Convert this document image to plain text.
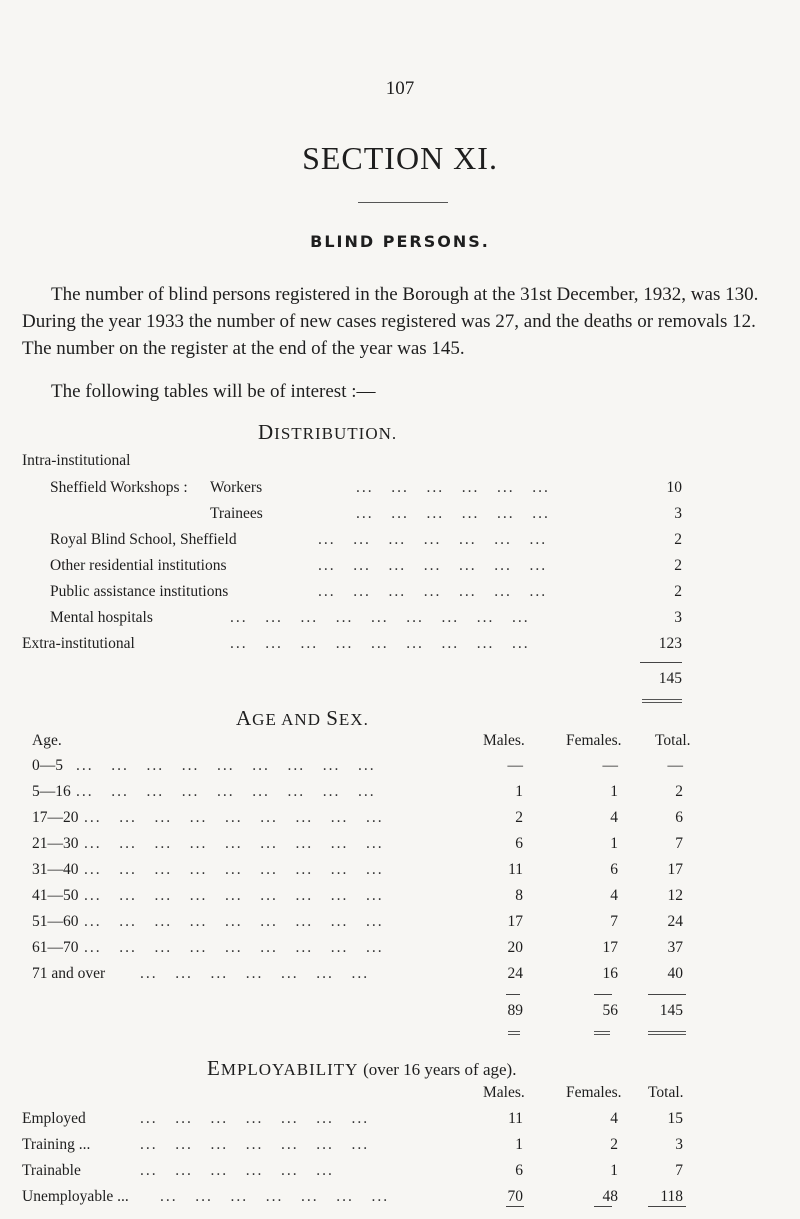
107
SECTION XI.
BLIND PERSONS.
The number of blind persons registered in the Borough at the 31st December, 1932, was 130. During the year 1933 the number of new cases registered was 27, and the deaths or removals 12. The number on the register at the end of the year was 145.
The following tables will be of interest :—
DISTRIBUTION.
Intra-institutional
Sheffield Workshops : Workers	...   ...   ...   ...   ...   ...	10
Trainees	...   ...   ...   ...   ...   ...	3
Royal Blind School, Sheffield	...   ...   ...   ...   ...   ...   ...	2
Other residential institutions	...   ...   ...   ...   ...   ...   ...	2
Public assistance institutions	...   ...   ...   ...   ...   ...   ...	2
Mental hospitals	...   ...   ...   ...   ...   ...   ...   ...   ...	3
Extra-institutional	...   ...   ...   ...   ...   ...   ...   ...   ...	123
145
AGE AND SEX.
Age.	Males.	Females. Total.
0—5 ...   ...   ...   ...   ...   ...   ...   ...   ...	—	—	—
5—16 ...   ...   ...   ...   ...   ...   ...   ...   ...	1	1	2
17—20 ...   ...   ...   ...   ...   ...   ...   ...   ...	2	4	6
21—30 ...   ...   ...   ...   ...   ...   ...   ...   ...	6	1	7
31—40 ...   ...   ...   ...   ...   ...   ...   ...   ...	11	6	17
41—50 ...   ...   ...   ...   ...   ...   ...   ...   ...	8	4	12
51—60 ...   ...   ...   ...   ...   ...   ...   ...   ...	17	7	24
61—70 ...   ...   ...   ...   ...   ...   ...   ...   ...	20	17	37
71 and over ...   ...   ...   ...   ...   ...   ...	24	16	40
89	56	145
EMPLOYABILITY (over 16 years of age).
Males.	Females. Total.
Employed	...   ...   ...   ...   ...   ...   ...	11	4	15
Training ...	...   ...   ...   ...   ...   ...   ...	1	2	3
Trainable	...   ...   ...   ...   ...   ...	6	1	7
Unemployable ... ...   ...   ...   ...   ...   ...   ...	70	48	118
